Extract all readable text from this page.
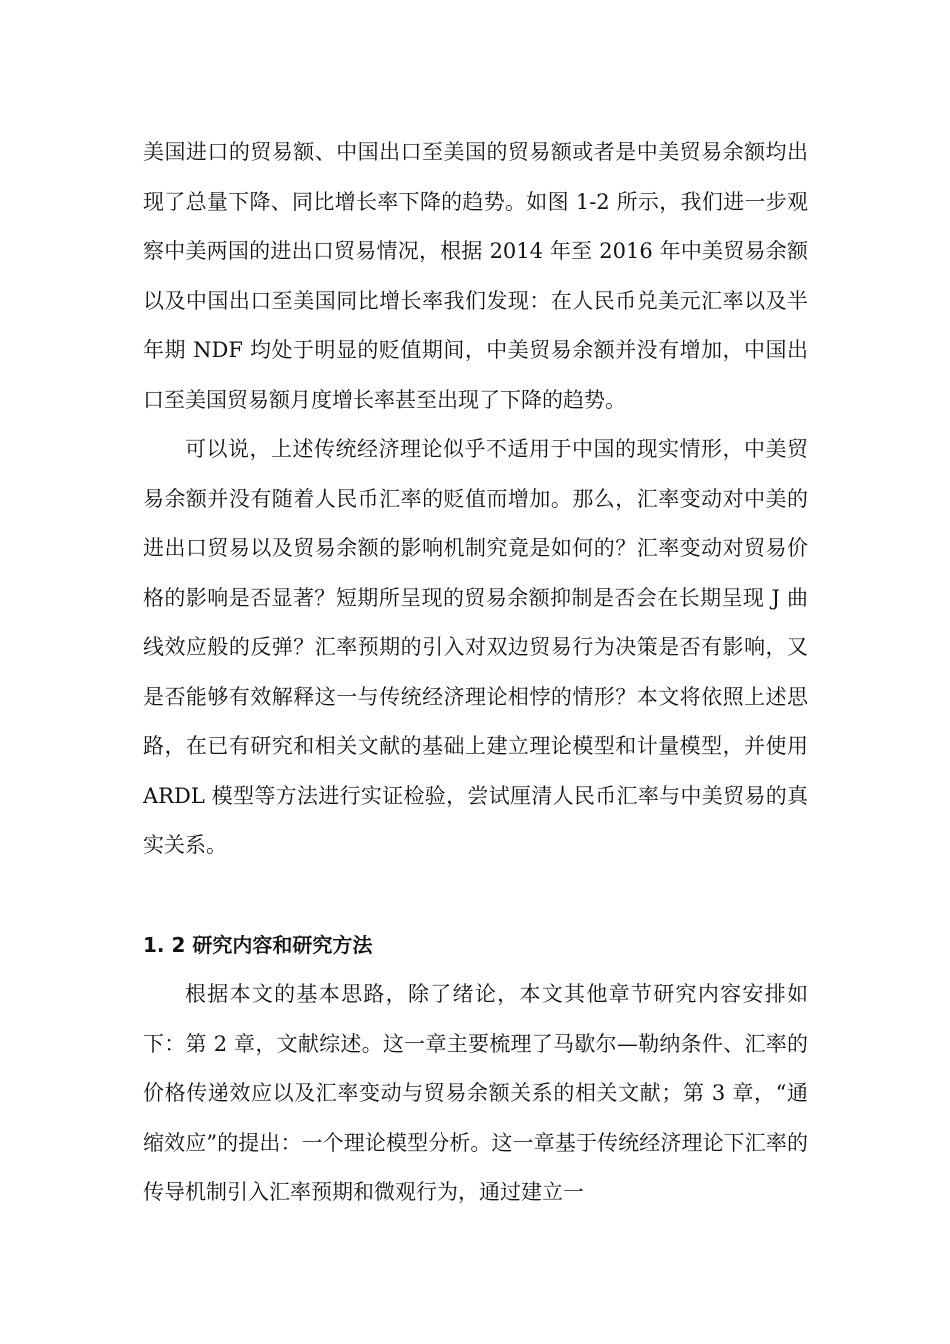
美国进口的贸易额、中国出口至美国的贸易额或者是中美贸易余额均出现了总量下降、同比增长率下降的趋势。如图 1-2 所示，我们进一步观察中美两国的进出口贸易情况，根据 2014 年至 2016 年中美贸易余额以及中国出口至美国同比增长率我们发现：在人民币兑美元汇率以及半年期 NDF 均处于明显的贬值期间，中美贸易余额并没有增加，中国出口至美国贸易额月度增长率甚至出现了下降的趋势。

可以说，上述传统经济理论似乎不适用于中国的现实情形，中美贸易余额并没有随着人民币汇率的贬值而增加。那么，汇率变动对中美的进出口贸易以及贸易余额的影响机制究竟是如何的？汇率变动对贸易价格的影响是否显著？短期所呈现的贸易余额抑制是否会在长期呈现 J 曲线效应般的反弹？汇率预期的引入对双边贸易行为决策是否有影响，又是否能够有效解释这一与传统经济理论相悖的情形？本文将依照上述思路，在已有研究和相关文献的基础上建立理论模型和计量模型，并使用 ARDL 模型等方法进行实证检验，尝试厘清人民币汇率与中美贸易的真实关系。

1. 2 研究内容和研究方法

根据本文的基本思路，除了绪论，本文其他章节研究内容安排如下：第 2 章，文献综述。这一章主要梳理了马歇尔—勒纳条件、汇率的价格传递效应以及汇率变动与贸易余额关系的相关文献；第 3 章，“通缩效应”的提出：一个理论模型分析。这一章基于传统经济理论下汇率的传导机制引入汇率预期和微观行为，通过建立一
